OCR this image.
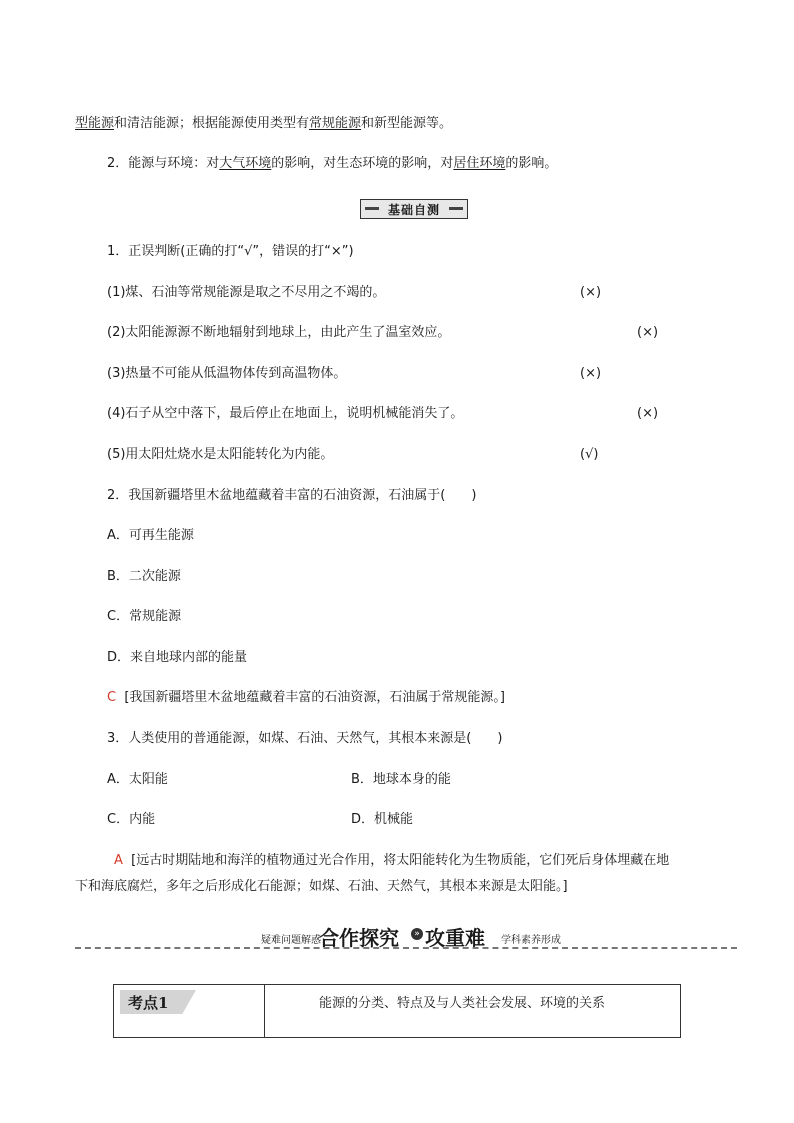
型能源和清洁能源；根据能源使用类型有常规能源和新型能源等。
2．能源与环境：对大气环境的影响，对生态环境的影响，对居住环境的影响。
基础自测
1．正误判断(正确的打“√”，错误的打“×”)
(1)煤、石油等常规能源是取之不尽用之不竭的。	(×)
(2)太阳能源源不断地辐射到地球上，由此产生了温室效应。	(×)
(3)热量不可能从低温物体传到高温物体。	(×)
(4)石子从空中落下，最后停止在地面上，说明机械能消失了。	(×)
(5)用太阳灶烧水是太阳能转化为内能。	(√)
2．我国新疆塔里木盆地蕴藏着丰富的石油资源，石油属于(　　)
A．可再生能源
B．二次能源
C．常规能源
D．来自地球内部的能量
C [我国新疆塔里木盆地蕴藏着丰富的石油资源，石油属于常规能源。]
3．人类使用的普通能源，如煤、石油、天然气，其根本来源是(　　)
A．太阳能	B．地球本身的能
C．内能	D．机械能
A [远古时期陆地和海洋的植物通过光合作用，将太阳能转化为生物质能，它们死后身体埋藏在地
下和海底腐烂，多年之后形成化石能源；如煤、石油、天然气，其根本来源是太阳能。]
疑难问题解惑
合作探究	» 攻重难 学科素养形成
考点1	能源的分类、特点及与人类社会发展、环境的关系
